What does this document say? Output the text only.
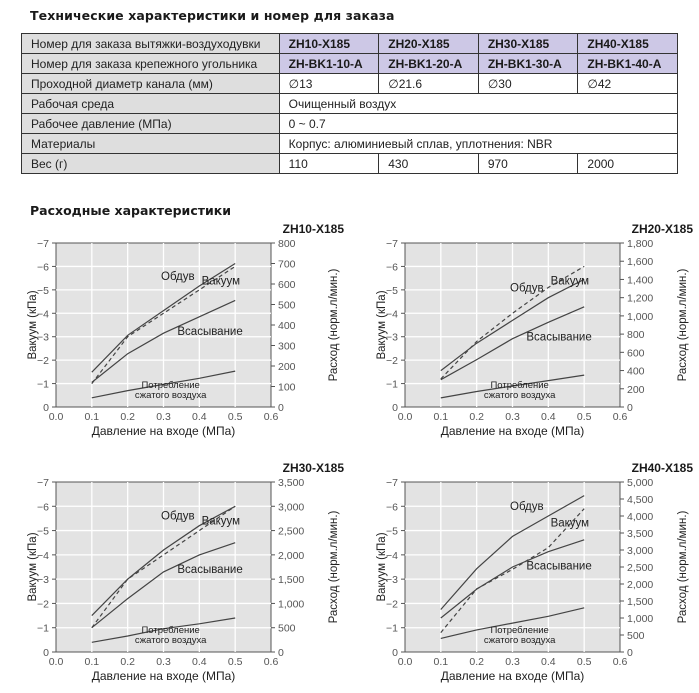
Технические характеристики и номер для заказа
Номер для заказа вытяжки-воздуходувки	ZH10-X185	ZH20-X185	ZH30-X185	ZH40-X185
Номер для заказа крепежного угольника	ZH-BK1-10-A	ZH-BK1-20-A	ZH-BK1-30-A	ZH-BK1-40-A
Проходной диаметр канала (мм)	∅13	∅21.6	∅30	∅42
Рабочая среда	Очищенный воздух			
Рабочее давление (МПа)	0 ~ 0.7			
Материалы	Корпус: алюминиевый сплав, уплотнения: NBR			
Вес (г)	110	430	970	2000
Расходные характеристики
0.0 0.1 0.2 0.3 0.4 0.5 0.6
0
−1
−2
−3
−4
−5
−6
−7
0
100
200
300
400
500
600
700
800
ZH10-X185
Давление на входе (МПа)
Вакуум (кПа)	Расход (норм.л/мин.)
Обдув Вакуум
Всасывание
Потребление
сжатого воздуха
0.0 0.1 0.2 0.3 0.4 0.5 0.6
0
−1
−2
−3
−4
−5
−6
−7
0
200
400
600
800
1,000
1,200
1,400
1,600
1,800
ZH20-X185
Давление на входе (МПа)
Вакуум (кПа)	Расход (норм.л/мин.)
Обдув
Вакуум
Всасывание
Потребление
сжатого воздуха
0.0 0.1 0.2 0.3 0.4 0.5 0.6
0
−1
−2
−3
−4
−5
−6
−7
0
500
1,000
1,500
2,000
2,500
3,000
3,500
ZH30-X185
Давление на входе (МПа)
Вакуум (кПа)	Расход (норм.л/мин.)
Обдув Вакуум
Всасывание
Потребление
сжатого воздуха
0.0 0.1 0.2 0.3 0.4 0.5 0.6
0
−1
−2
−3
−4
−5
−6
−7
0
500
1,000
1,500
2,000
2,500
3,000
3,500
4,000
4,500
5,000
ZH40-X185
Давление на входе (МПа)
Вакуум (кПа)	Расход (норм.л/мин.)
Обдув
Вакуум
Всасывание
Потребление
сжатого воздуха
